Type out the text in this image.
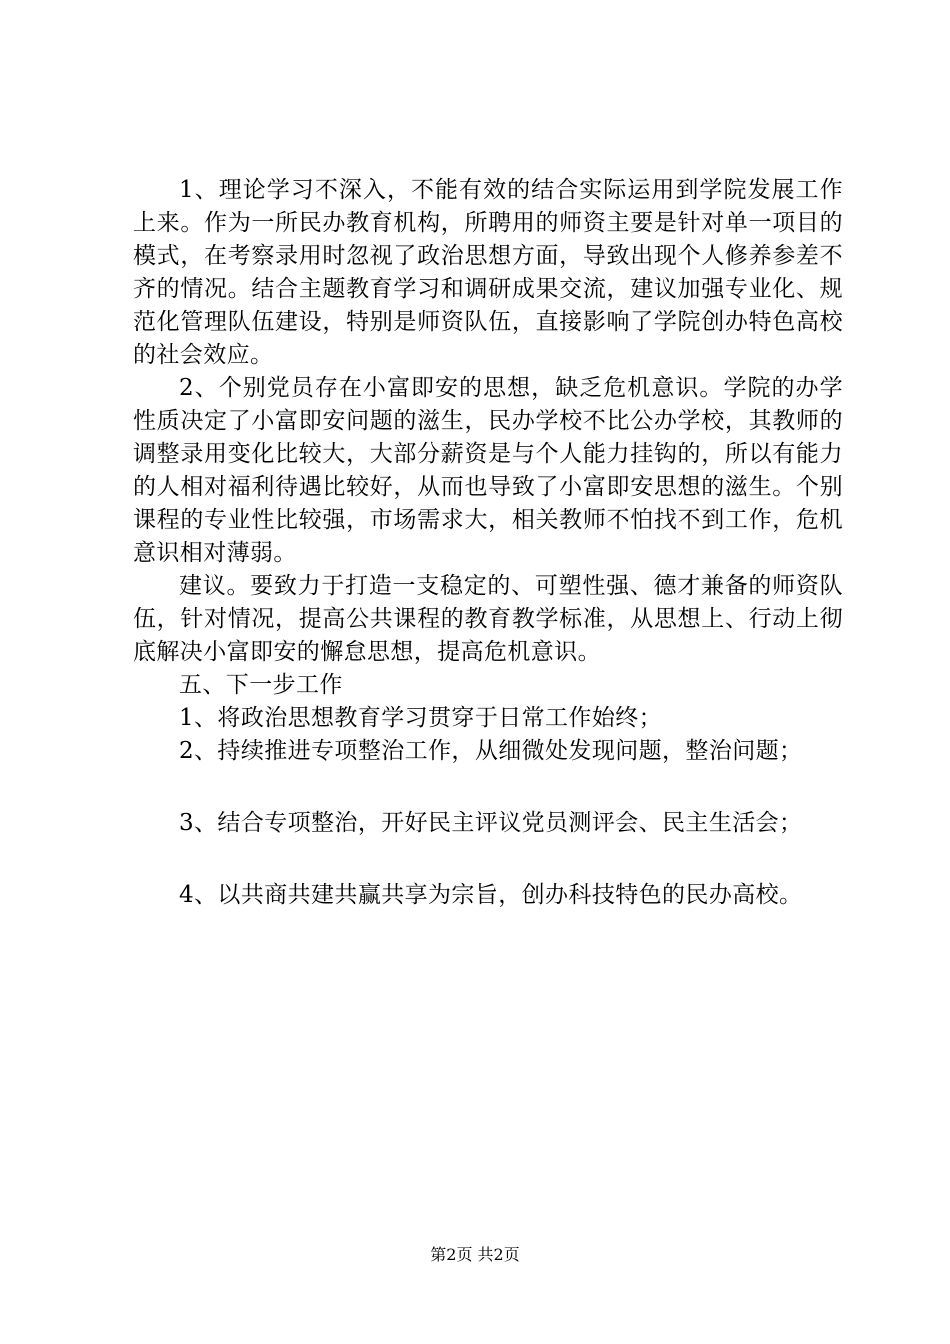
1、理论学习不深入，不能有效的结合实际运用到学院发展工作上来。作为一所民办教育机构，所聘用的师资主要是针对单一项目的模式，在考察录用时忽视了政治思想方面，导致出现个人修养参差不齐的情况。结合主题教育学习和调研成果交流，建议加强专业化、规范化管理队伍建设，特别是师资队伍，直接影响了学院创办特色高校的社会效应。

2、个别党员存在小富即安的思想，缺乏危机意识。学院的办学性质决定了小富即安问题的滋生，民办学校不比公办学校，其教师的调整录用变化比较大，大部分薪资是与个人能力挂钩的，所以有能力的人相对福利待遇比较好，从而也导致了小富即安思想的滋生。个别课程的专业性比较强，市场需求大，相关教师不怕找不到工作，危机意识相对薄弱。

建议。要致力于打造一支稳定的、可塑性强、德才兼备的师资队伍，针对情况，提高公共课程的教育教学标准，从思想上、行动上彻底解决小富即安的懈怠思想，提高危机意识。

五、下一步工作

1、将政治思想教育学习贯穿于日常工作始终；

2、持续推进专项整治工作，从细微处发现问题，整治问题；

3、结合专项整治，开好民主评议党员测评会、民主生活会；

4、以共商共建共赢共享为宗旨，创办科技特色的民办高校。

第2页 共2页
